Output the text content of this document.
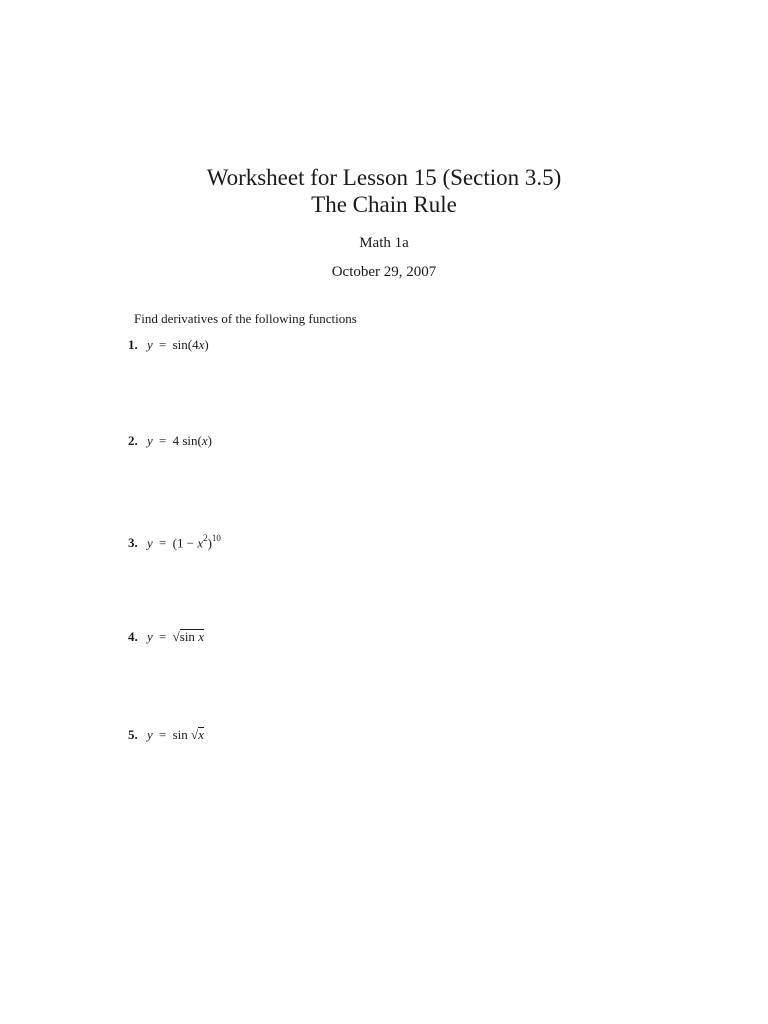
Worksheet for Lesson 15 (Section 3.5)
The Chain Rule
Math 1a
October 29, 2007
Find derivatives of the following functions
1. y = sin(4x)
2. y = 4 sin(x)
3. $y = (1 - x^2)^{10}$
4. y = √sin x
5. y = sin √x
